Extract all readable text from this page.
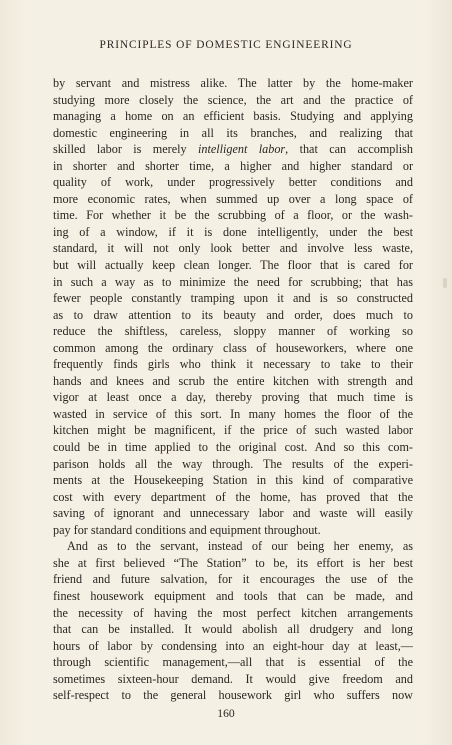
PRINCIPLES OF DOMESTIC ENGINEERING
by servant and mistress alike. The latter by the home-maker
studying more closely the science, the art and the practice of
managing a home on an efficient basis. Studying and applying
domestic engineering in all its branches, and realizing that
skilled labor is merely intelligent labor, that can accomplish
in shorter and shorter time, a higher and higher standard or
quality of work, under progressively better conditions and
more economic rates, when summed up over a long space of
time. For whether it be the scrubbing of a floor, or the wash-
ing of a window, if it is done intelligently, under the best
standard, it will not only look better and involve less waste,
but will actually keep clean longer. The floor that is cared for
in such a way as to minimize the need for scrubbing; that has
fewer people constantly tramping upon it and is so constructed
as to draw attention to its beauty and order, does much to
reduce the shiftless, careless, sloppy manner of working so
common among the ordinary class of houseworkers, where one
frequently finds girls who think it necessary to take to their
hands and knees and scrub the entire kitchen with strength and
vigor at least once a day, thereby proving that much time is
wasted in service of this sort. In many homes the floor of the
kitchen might be magnificent, if the price of such wasted labor
could be in time applied to the original cost. And so this com-
parison holds all the way through. The results of the experi-
ments at the Housekeeping Station in this kind of comparative
cost with every department of the home, has proved that the
saving of ignorant and unnecessary labor and waste will easily
pay for standard conditions and equipment throughout.
And as to the servant, instead of our being her enemy, as
she at first believed “The Station” to be, its effort is her best
friend and future salvation, for it encourages the use of the
finest housework equipment and tools that can be made, and
the necessity of having the most perfect kitchen arrangements
that can be installed. It would abolish all drudgery and long
hours of labor by condensing into an eight-hour day at least,—
through scientific management,—all that is essential of the
sometimes sixteen-hour demand. It would give freedom and
self-respect to the general housework girl who suffers now
160
